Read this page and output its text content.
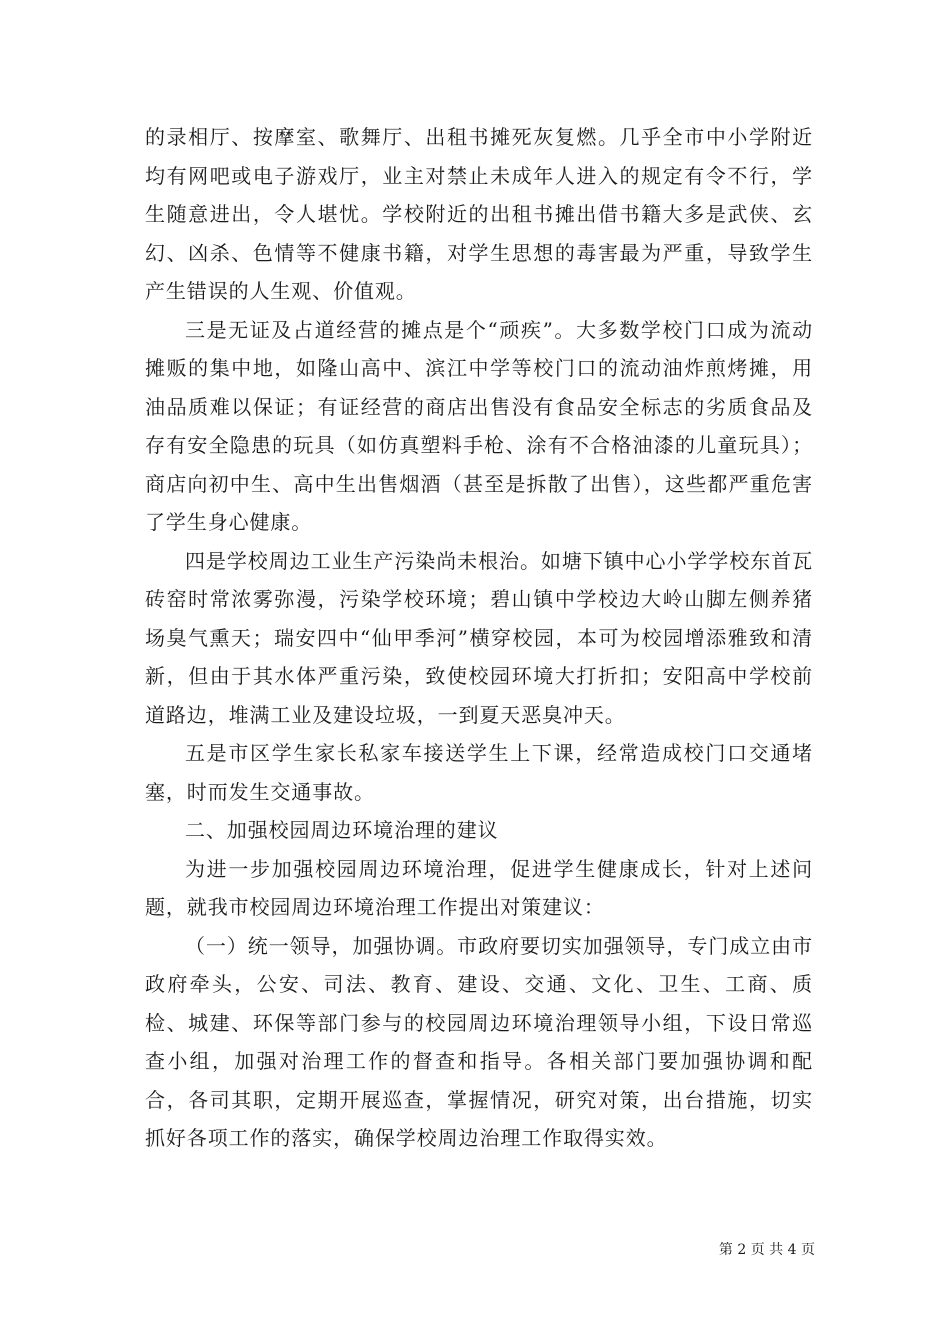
的录相厅、按摩室、歌舞厅、出租书摊死灰复燃。几乎全市中小学附近均有网吧或电子游戏厅，业主对禁止未成年人进入的规定有令不行，学生随意进出，令人堪忧。学校附近的出租书摊出借书籍大多是武侠、玄幻、凶杀、色情等不健康书籍，对学生思想的毒害最为严重，导致学生产生错误的人生观、价值观。

三是无证及占道经营的摊点是个“顽疾”。大多数学校门口成为流动摊贩的集中地，如隆山高中、滨江中学等校门口的流动油炸煎烤摊，用油品质难以保证；有证经营的商店出售没有食品安全标志的劣质食品及存有安全隐患的玩具（如仿真塑料手枪、涂有不合格油漆的儿童玩具）；商店向初中生、高中生出售烟酒（甚至是拆散了出售），这些都严重危害了学生身心健康。

四是学校周边工业生产污染尚未根治。如塘下镇中心小学学校东首瓦砖窑时常浓雾弥漫，污染学校环境；碧山镇中学校边大岭山脚左侧养猪场臭气熏天；瑞安四中“仙甲季河”横穿校园，本可为校园增添雅致和清新，但由于其水体严重污染，致使校园环境大打折扣；安阳高中学校前道路边，堆满工业及建设垃圾，一到夏天恶臭冲天。

五是市区学生家长私家车接送学生上下课，经常造成校门口交通堵塞，时而发生交通事故。

二、加强校园周边环境治理的建议

为进一步加强校园周边环境治理，促进学生健康成长，针对上述问题，就我市校园周边环境治理工作提出对策建议：

（一）统一领导，加强协调。市政府要切实加强领导，专门成立由市政府牵头，公安、司法、教育、建设、交通、文化、卫生、工商、质检、城建、环保等部门参与的校园周边环境治理领导小组，下设日常巡查小组，加强对治理工作的督查和指导。各相关部门要加强协调和配合，各司其职，定期开展巡查，掌握情况，研究对策，出台措施，切实抓好各项工作的落实，确保学校周边治理工作取得实效。

第 2 页 共 4 页
